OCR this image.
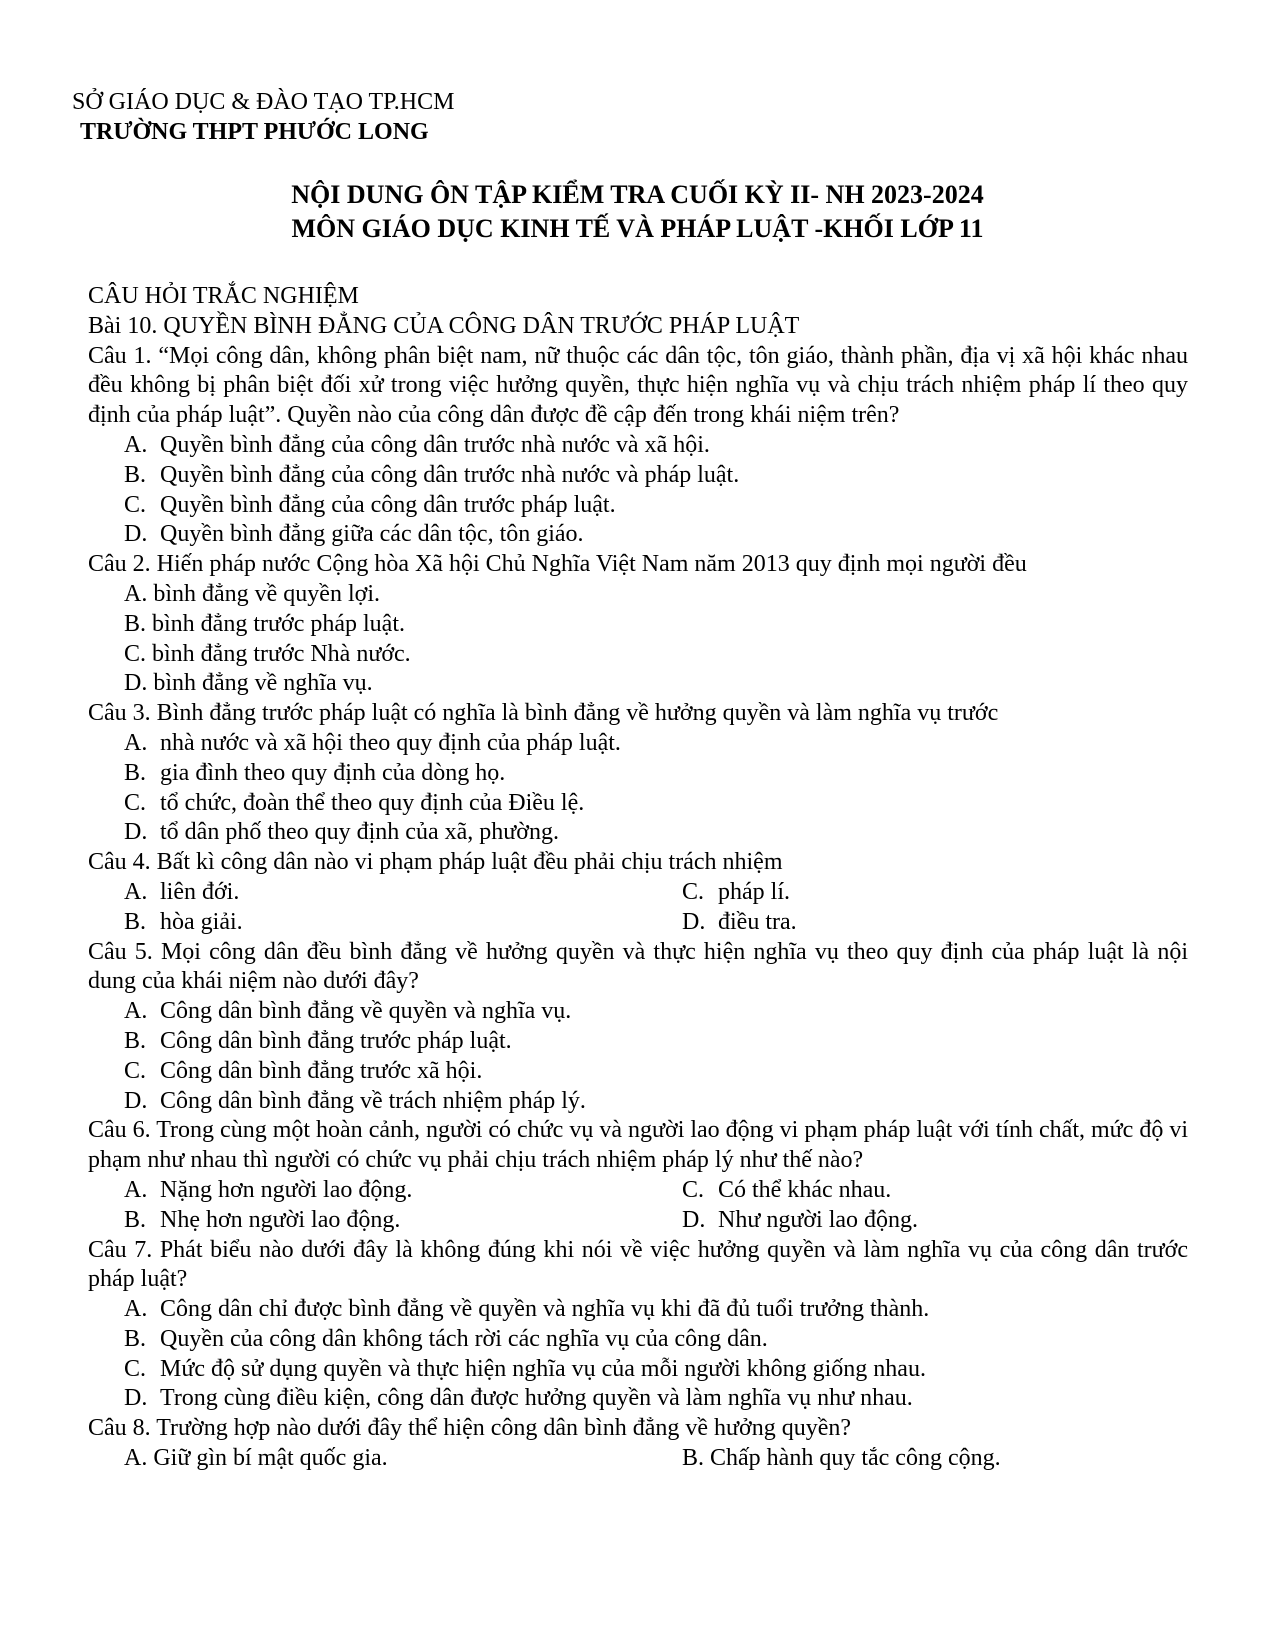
SỞ GIÁO DỤC & ĐÀO TẠO TP.HCM
TRƯỜNG THPT PHƯỚC LONG
NỘI DUNG ÔN TẬP KIỂM TRA CUỐI KỲ II- NH 2023-2024
MÔN GIÁO DỤC KINH TẾ VÀ PHÁP LUẬT -KHỐI LỚP 11

CÂU HỎI TRẮC NGHIỆM

Bài 10. QUYỀN BÌNH ĐẲNG CỦA CÔNG DÂN TRƯỚC PHÁP LUẬT

Câu 1. “Mọi công dân, không phân biệt nam, nữ thuộc các dân tộc, tôn giáo, thành phần, địa vị xã hội khác nhau đều không bị phân biệt đối xử trong việc hưởng quyền, thực hiện nghĩa vụ và chịu trách nhiệm pháp lí theo quy định của pháp luật”. Quyền nào của công dân được đề cập đến trong khái niệm trên?

A. Quyền bình đẳng của công dân trước nhà nước và xã hội.
B. Quyền bình đẳng của công dân trước nhà nước và pháp luật.
C. Quyền bình đẳng của công dân trước pháp luật.
D. Quyền bình đẳng giữa các dân tộc, tôn giáo.

Câu 2. Hiến pháp nước Cộng hòa Xã hội Chủ Nghĩa Việt Nam năm 2013 quy định mọi người đều

A. bình đẳng về quyền lợi.
B. bình đẳng trước pháp luật.
C. bình đẳng trước Nhà nước.
D. bình đẳng về nghĩa vụ.

Câu 3. Bình đẳng trước pháp luật có nghĩa là bình đẳng về hưởng quyền và làm nghĩa vụ trước

A. nhà nước và xã hội theo quy định của pháp luật.
B. gia đình theo quy định của dòng họ.
C. tổ chức, đoàn thể theo quy định của Điều lệ.
D. tổ dân phố theo quy định của xã, phường.

Câu 4. Bất kì công dân nào vi phạm pháp luật đều phải chịu trách nhiệm

A. liên đới.	C. pháp lí.
B. hòa giải.	D. điều tra.

Câu 5. Mọi công dân đều bình đẳng về hưởng quyền và thực hiện nghĩa vụ theo quy định của pháp luật là nội dung của khái niệm nào dưới đây?

A. Công dân bình đẳng về quyền và nghĩa vụ.
B. Công dân bình đẳng trước pháp luật.
C. Công dân bình đẳng trước xã hội.
D. Công dân bình đẳng về trách nhiệm pháp lý.

Câu 6. Trong cùng một hoàn cảnh, người có chức vụ và người lao động vi phạm pháp luật với tính chất, mức độ vi phạm như nhau thì người có chức vụ phải chịu trách nhiệm pháp lý như thế nào?

A. Nặng hơn người lao động.	C. Có thể khác nhau.
B. Nhẹ hơn người lao động.	D. Như người lao động.

Câu 7. Phát biểu nào dưới đây là không đúng khi nói về việc hưởng quyền và làm nghĩa vụ của công dân trước pháp luật?

A. Công dân chỉ được bình đẳng về quyền và nghĩa vụ khi đã đủ tuổi trưởng thành.
B. Quyền của công dân không tách rời các nghĩa vụ của công dân.
C. Mức độ sử dụng quyền và thực hiện nghĩa vụ của mỗi người không giống nhau.
D. Trong cùng điều kiện, công dân được hưởng quyền và làm nghĩa vụ như nhau.

Câu 8. Trường hợp nào dưới đây thể hiện công dân bình đẳng về hưởng quyền?

A. Giữ gìn bí mật quốc gia.	B. Chấp hành quy tắc công cộng.
